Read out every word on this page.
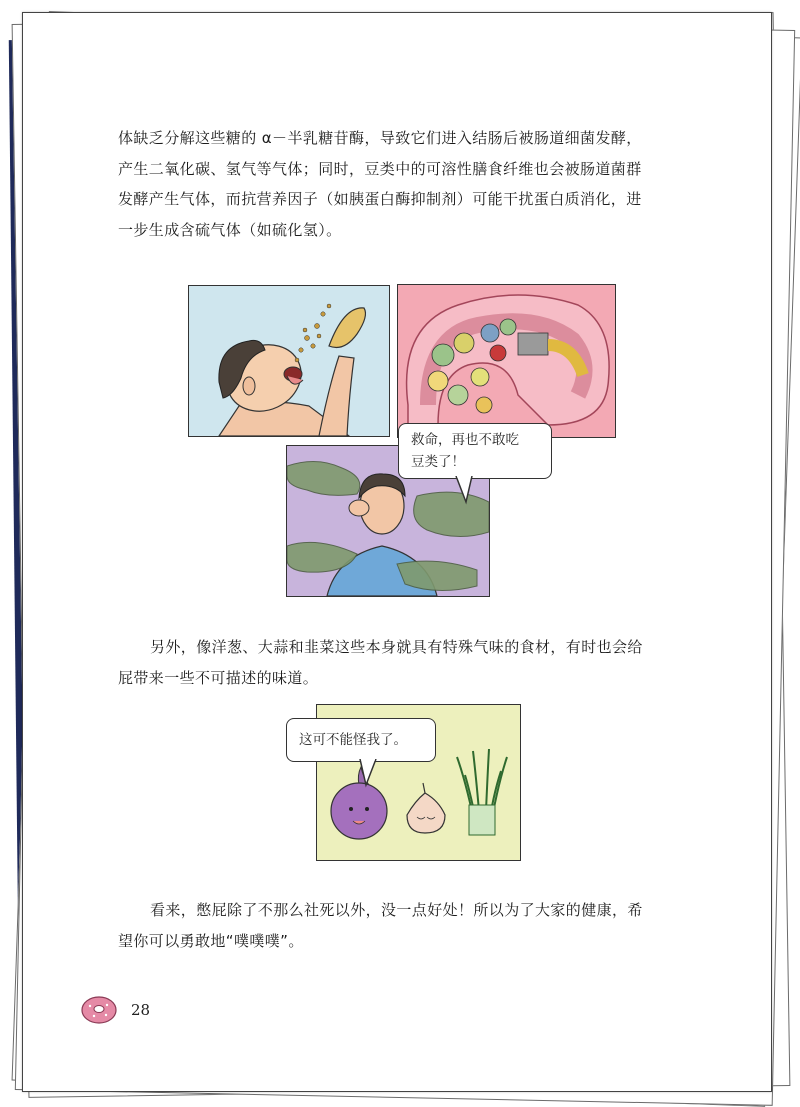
体缺乏分解这些糖的 α－半乳糖苷酶，导致它们进入结肠后被肠道细菌发酵，
产生二氧化碳、氢气等气体；同时，豆类中的可溶性膳食纤维也会被肠道菌群
发酵产生气体，而抗营养因子（如胰蛋白酶抑制剂）可能干扰蛋白质消化，进
一步生成含硫气体（如硫化氢）。

救命，再也不敢吃
豆类了！

另外，像洋葱、大蒜和韭菜这些本身就具有特殊气味的食材，有时也会给
屁带来一些不可描述的味道。

这可不能怪我了。

看来，憋屁除了不那么社死以外，没一点好处！所以为了大家的健康，希
望你可以勇敢地“噗噗噗”。

28
